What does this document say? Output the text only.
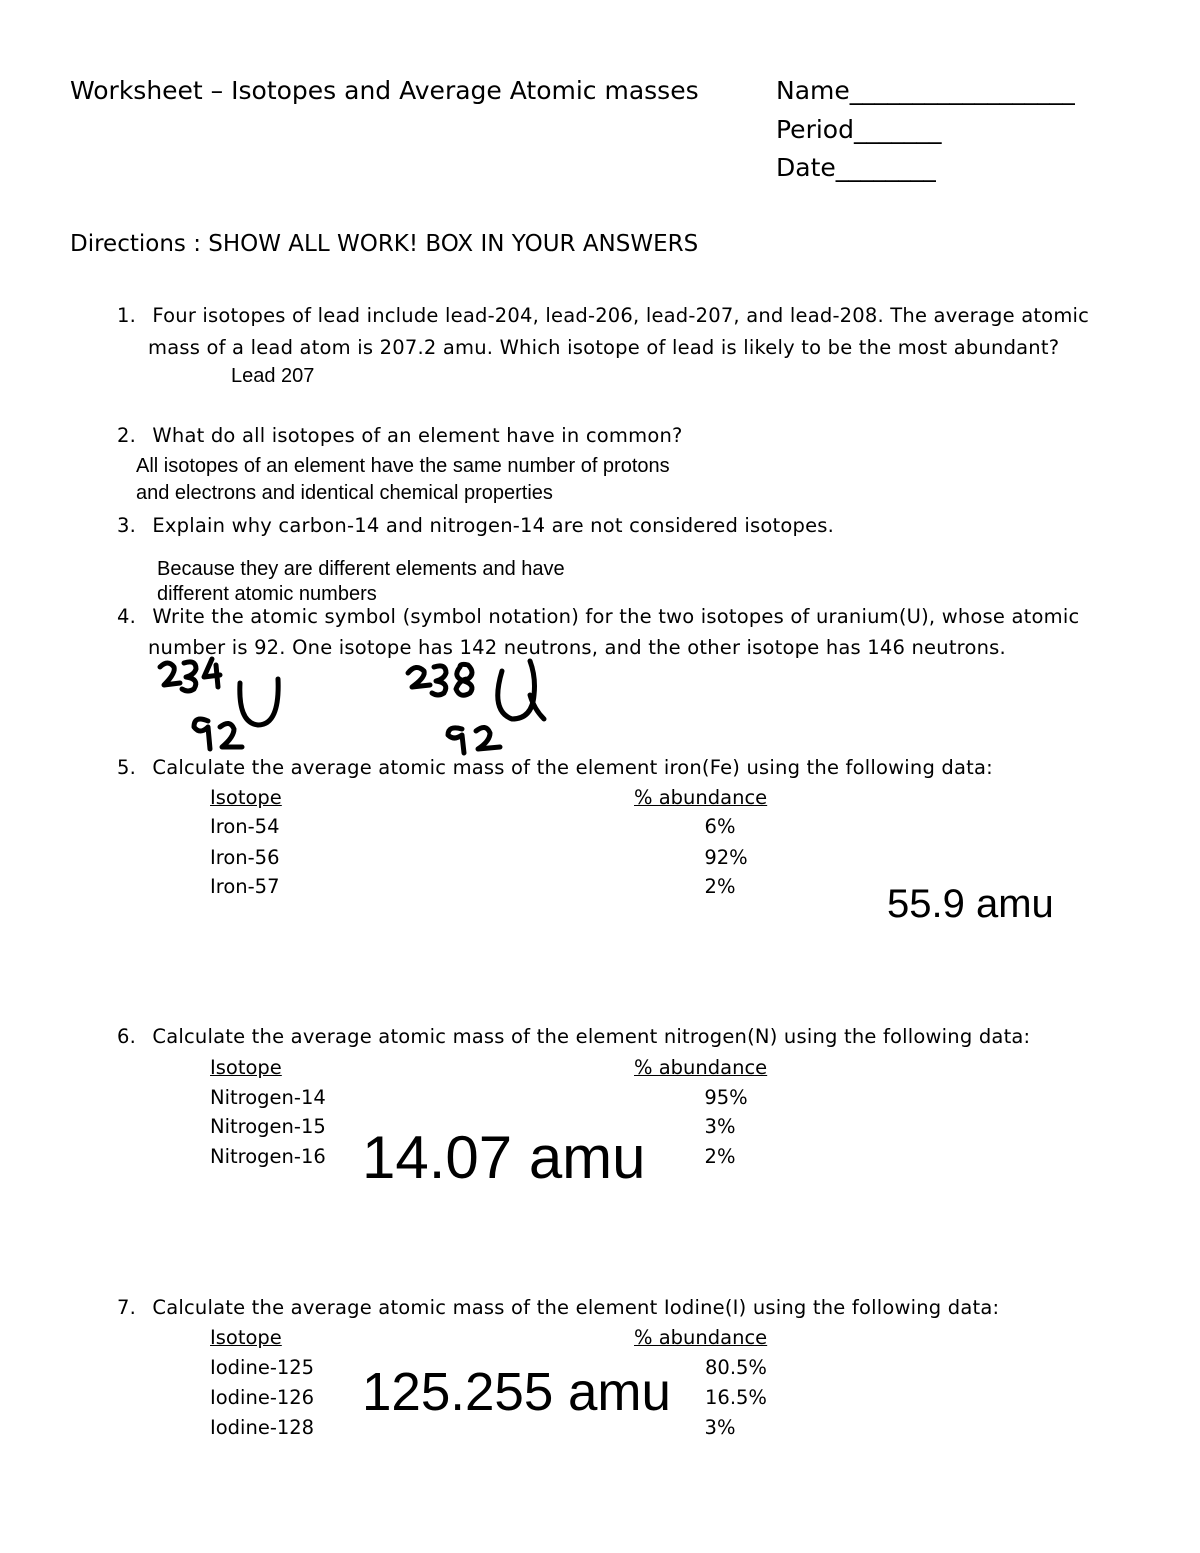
Worksheet – Isotopes and Average Atomic masses	Name__________________
Period_______
Date________
Directions : SHOW ALL WORK! BOX IN YOUR ANSWERS
1. Four isotopes of lead include lead-204, lead-206, lead-207, and lead-208. The average atomic
mass of a lead atom is 207.2 amu. Which isotope of lead is likely to be the most abundant?
Lead 207
2. What do all isotopes of an element have in common?
All isotopes of an element have the same number of protons
and electrons and identical chemical properties
3. Explain why carbon-14 and nitrogen-14 are not considered isotopes.
Because they are different elements and have
different atomic numbers
4. Write the atomic symbol (symbol notation) for the two isotopes of uranium(U), whose atomic
number is 92. One isotope has 142 neutrons, and the other isotope has 146 neutrons.
5. Calculate the average atomic mass of the element iron(Fe) using the following data:
Isotope	% abundance
Iron-54	6%
Iron-56	92%
Iron-57	2%	55.9 amu
6. Calculate the average atomic mass of the element nitrogen(N) using the following data:
Isotope	% abundance
Nitrogen-14	95%
Nitrogen-15	3%
Nitrogen-16	2%
14.07 amu
7. Calculate the average atomic mass of the element Iodine(I) using the following data:
Isotope	% abundance
Iodine-125	80.5%
Iodine-126	16.5%
Iodine-128	3%
125.255 amu
